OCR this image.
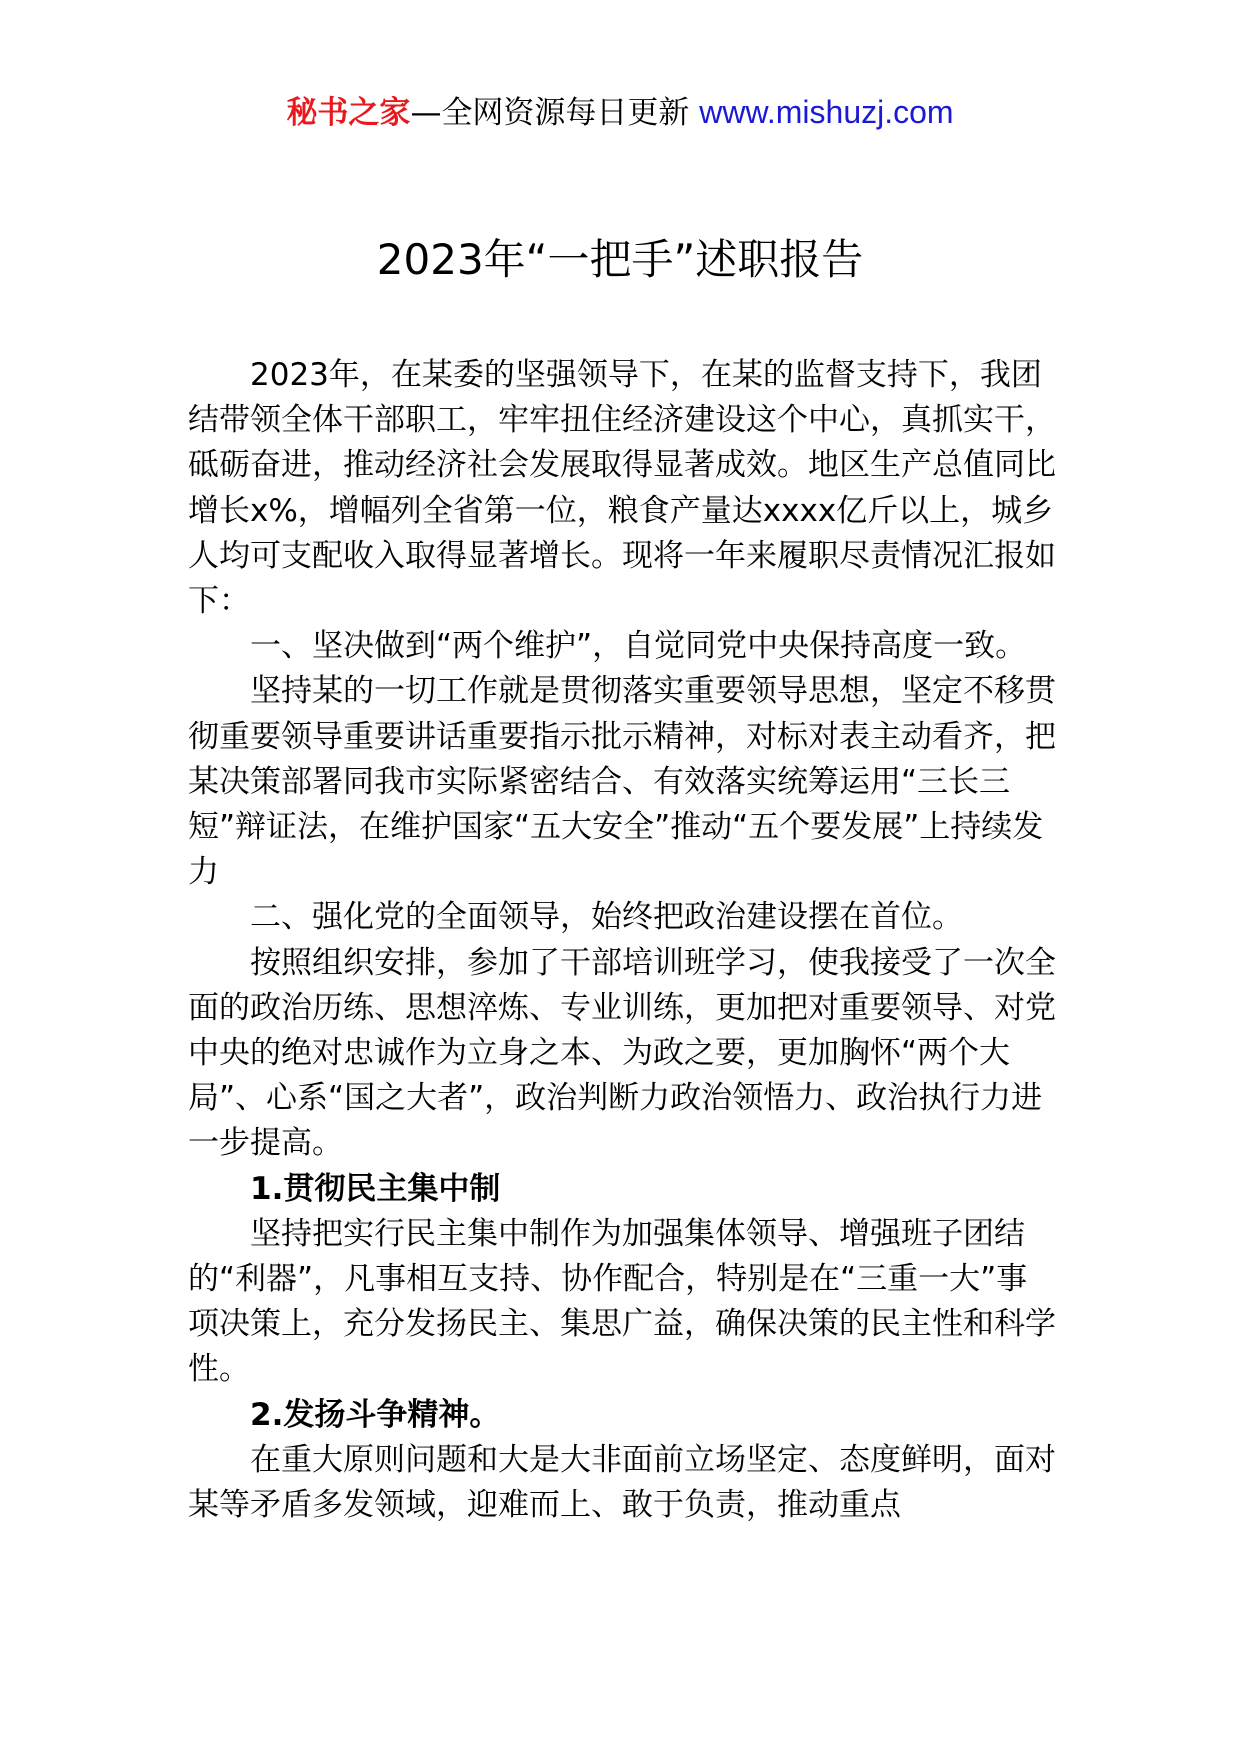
秘书之家—全网资源每日更新 www.mishuzj.com
2023年“一把手”述职报告

2023年，在某委的坚强领导下，在某的监督支持下，我团结带领全体干部职工，牢牢扭住经济建设这个中心，真抓实干，砥砺奋进，推动经济社会发展取得显著成效。地区生产总值同比增长x%，增幅列全省第一位，粮食产量达xxxx亿斤以上，城乡人均可支配收入取得显著增长。现将一年来履职尽责情况汇报如下：

一、坚决做到“两个维护”，自觉同党中央保持高度一致。

坚持某的一切工作就是贯彻落实重要领导思想，坚定不移贯彻重要领导重要讲话重要指示批示精神，对标对表主动看齐，把某决策部署同我市实际紧密结合、有效落实统筹运用“三长三短”辩证法，在维护国家“五大安全”推动“五个要发展”上持续发力

二、强化党的全面领导，始终把政治建设摆在首位。

按照组织安排，参加了干部培训班学习，使我接受了一次全面的政治历练、思想淬炼、专业训练，更加把对重要领导、对党中央的绝对忠诚作为立身之本、为政之要，更加胸怀“两个大局”、心系“国之大者”，政治判断力政治领悟力、政治执行力进一步提高。

1.贯彻民主集中制

坚持把实行民主集中制作为加强集体领导、增强班子团结的“利器”，凡事相互支持、协作配合，特别是在“三重一大”事项决策上，充分发扬民主、集思广益，确保决策的民主性和科学性。

2.发扬斗争精神。

在重大原则问题和大是大非面前立场坚定、态度鲜明，面对某等矛盾多发领域，迎难而上、敢于负责，推动重点
